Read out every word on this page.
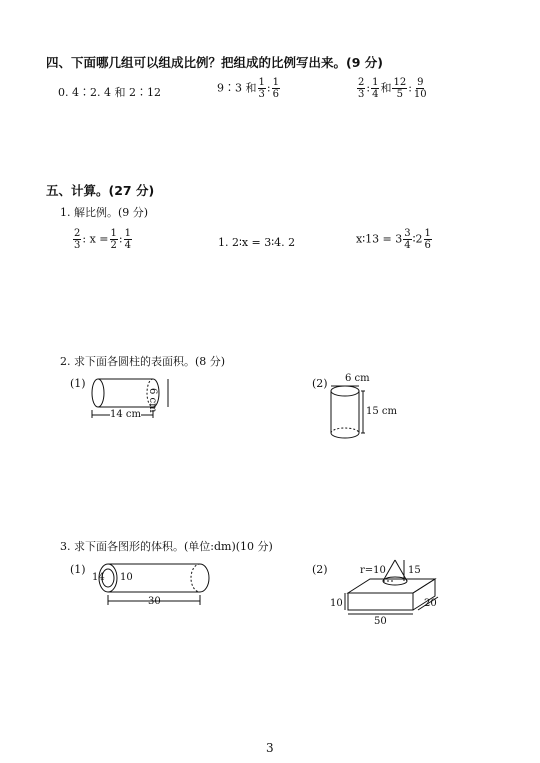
四、下面哪几组可以组成比例？把组成的比例写出来。(9 分)
0. 4∶2. 4 和 2∶12	9∶3 和 $\frac{1}{3}$ : $\frac{1}{6}$	$\frac{2}{3}$ : $\frac{1}{4}$ 和 $\frac{12}{5}$ : $\frac{9}{10}$
五、计算。(27 分)
1. 解比例。(9 分)
$\frac{2}{3}$ : $x = \frac{1}{2}$ : $\frac{1}{4}$	1. 2∶x = 3∶4. 2	x∶13 = $3 \frac{3}{4}$ ∶2 $\frac{1}{6}$
2. 求下面各圆柱的表面积。(8 分)
(1)
14 cm
6 cm
(2) 6 cm
15 cm
3. 求下面各图形的体积。(单位:dm)(10 分)
(1)
14 10
30
(2)	r=10 15
10
50
20
3
